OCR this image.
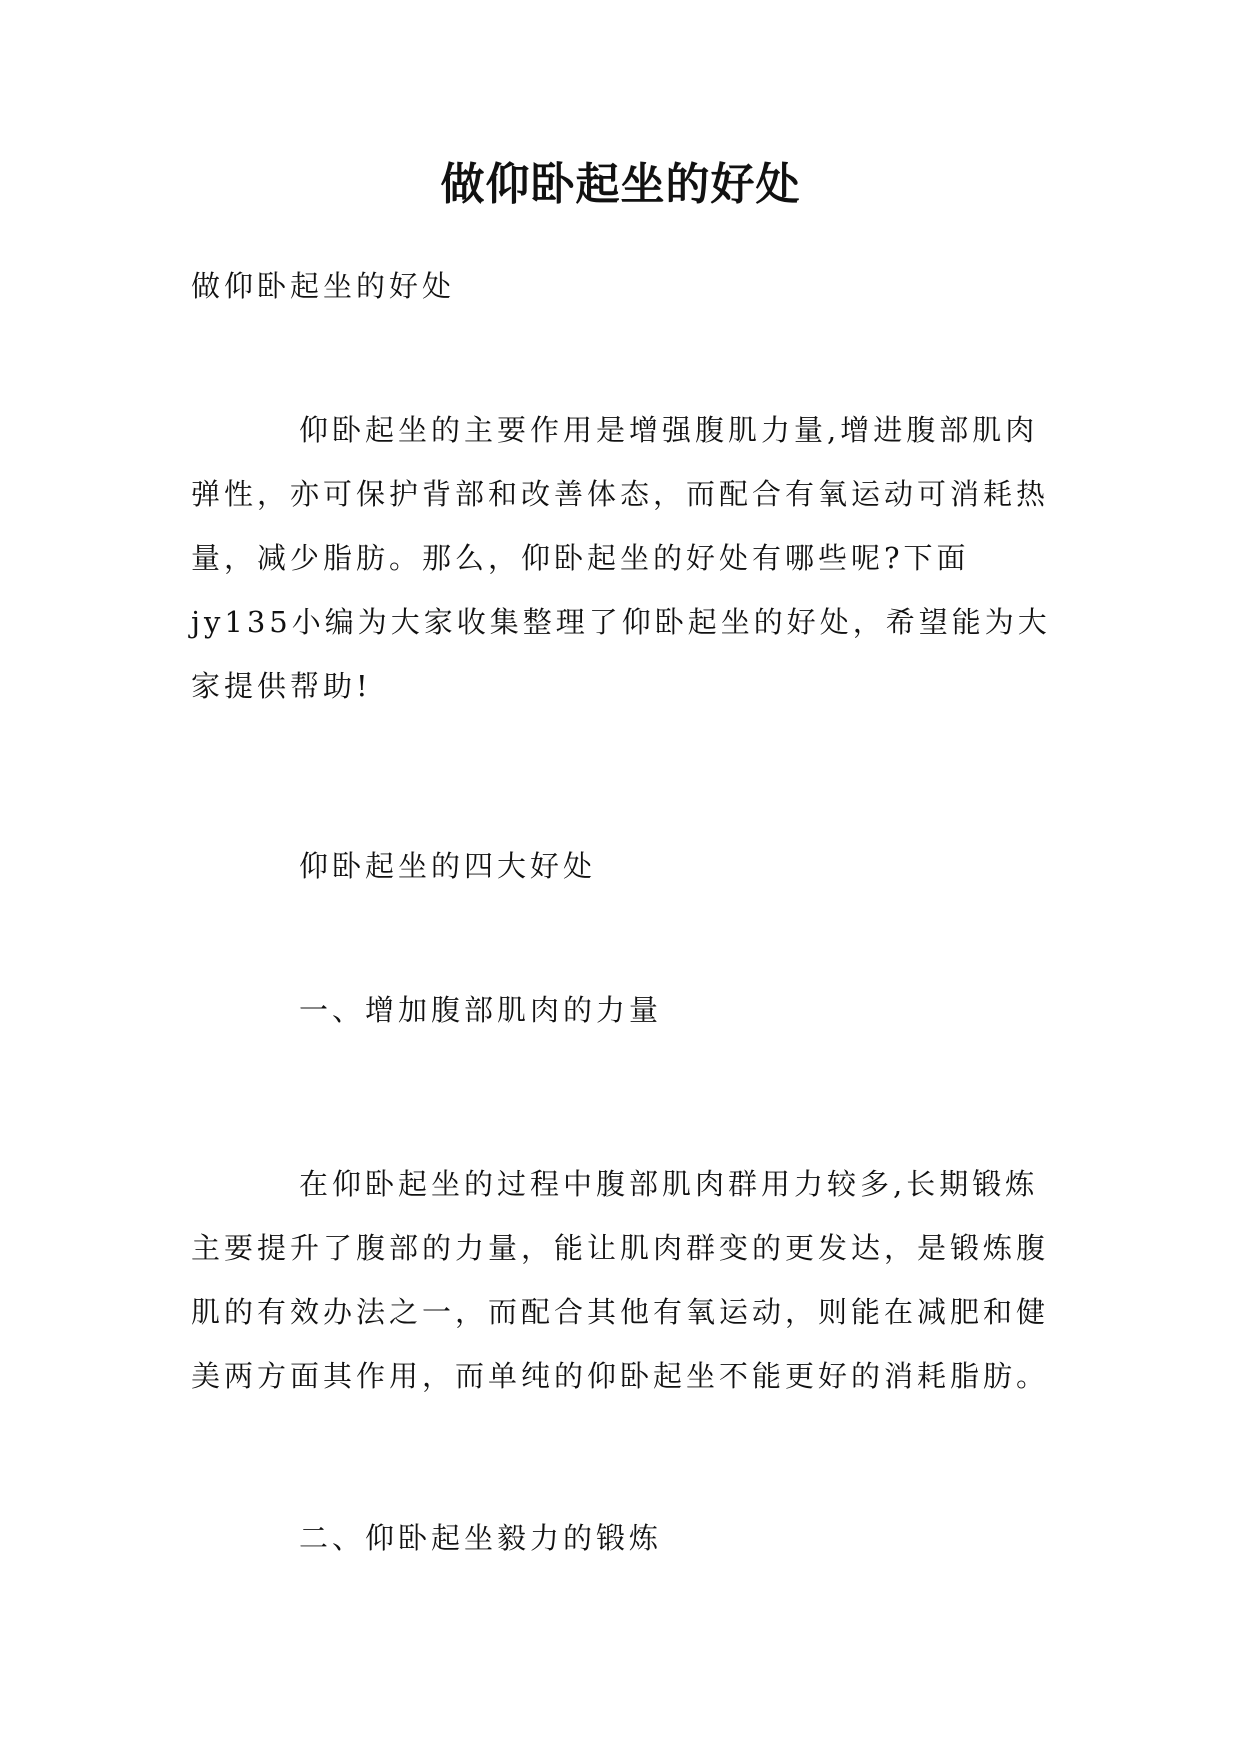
做仰卧起坐的好处

做仰卧起坐的好处

仰卧起坐的主要作用是增强腹肌力量,增进腹部肌肉弹性，亦可保护背部和改善体态，而配合有氧运动可消耗热量，减少脂肪。那么，仰卧起坐的好处有哪些呢?下面jy135小编为大家收集整理了仰卧起坐的好处，希望能为大家提供帮助!

仰卧起坐的四大好处

一、增加腹部肌肉的力量

在仰卧起坐的过程中腹部肌肉群用力较多,长期锻炼主要提升了腹部的力量，能让肌肉群变的更发达，是锻炼腹肌的有效办法之一，而配合其他有氧运动，则能在减肥和健美两方面其作用，而单纯的仰卧起坐不能更好的消耗脂肪。

二、仰卧起坐毅力的锻炼
